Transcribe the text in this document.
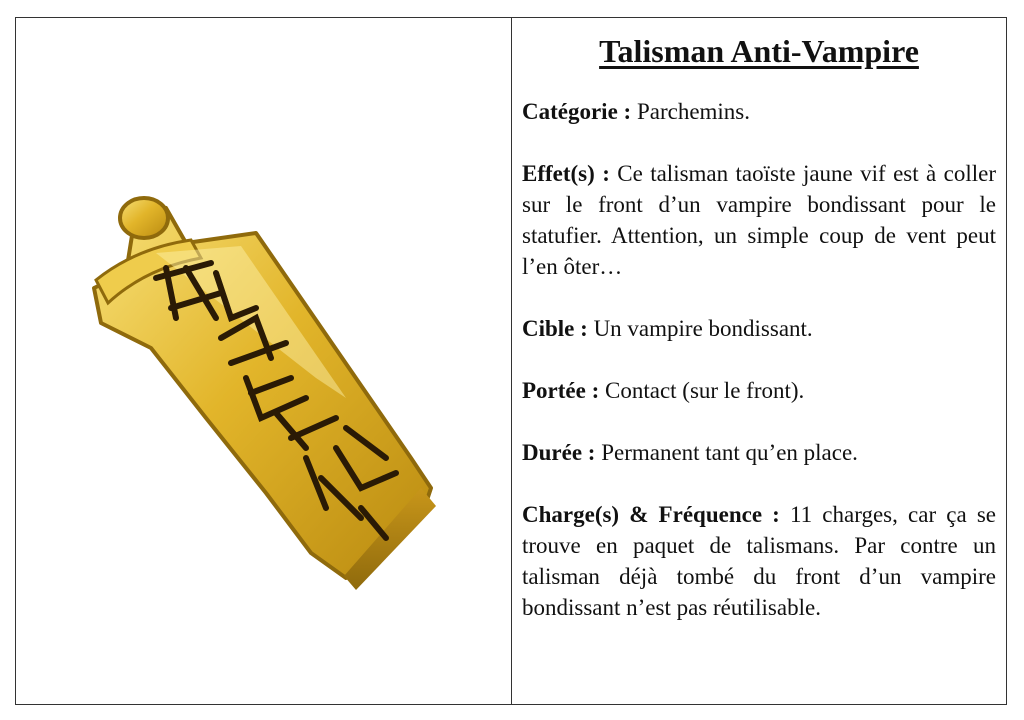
Talisman Anti-Vampire

Catégorie : Parchemins.

Effet(s) : Ce talisman taoïste jaune vif est à coller sur le front d’un vampire bondissant pour le statufier. Attention, un simple coup de vent peut l’en ôter…

Cible : Un vampire bondissant.

Portée : Contact (sur le front).

Durée : Permanent tant qu’en place.

Charge(s) & Fréquence : 11 charges, car ça se trouve en paquet de talismans. Par contre un talisman déjà tombé du front d’un vampire bondissant n’est pas réutilisable.
